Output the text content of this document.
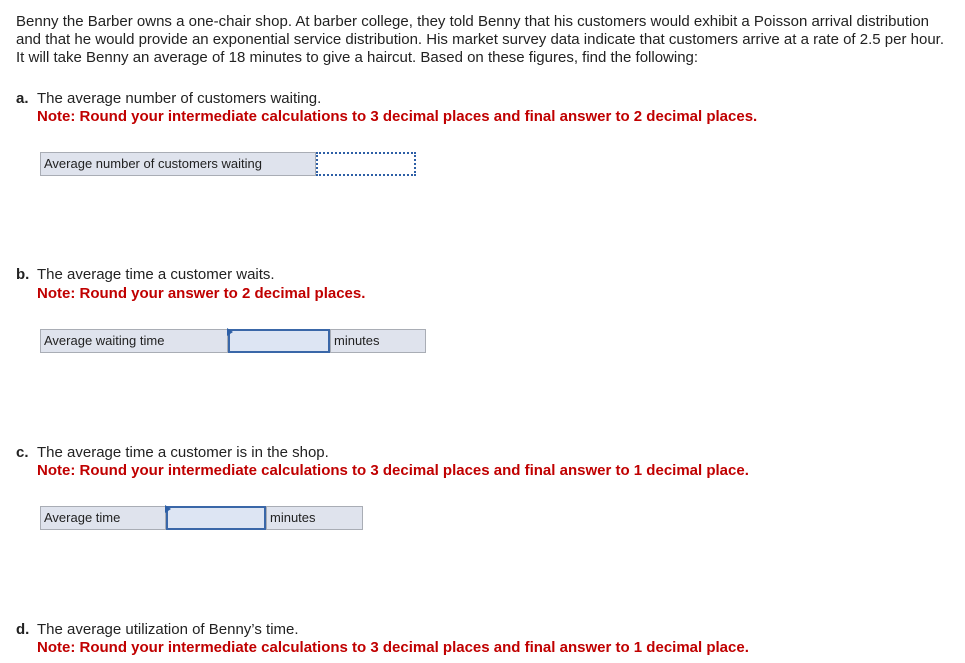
Benny the Barber owns a one-chair shop. At barber college, they told Benny that his customers would exhibit a Poisson arrival distribution and that he would provide an exponential service distribution. His market survey data indicate that customers arrive at a rate of 2.5 per hour. It will take Benny an average of 18 minutes to give a haircut. Based on these figures, find the following:
a. The average number of customers waiting.
Note: Round your intermediate calculations to 3 decimal places and final answer to 2 decimal places.
Average number of customers waiting
b. The average time a customer waits.
Note: Round your answer to 2 decimal places.
Average waiting time	minutes
c. The average time a customer is in the shop.
Note: Round your intermediate calculations to 3 decimal places and final answer to 1 decimal place.
Average time	minutes
d. The average utilization of Benny’s time.
Note: Round your intermediate calculations to 3 decimal places and final answer to 1 decimal place.
